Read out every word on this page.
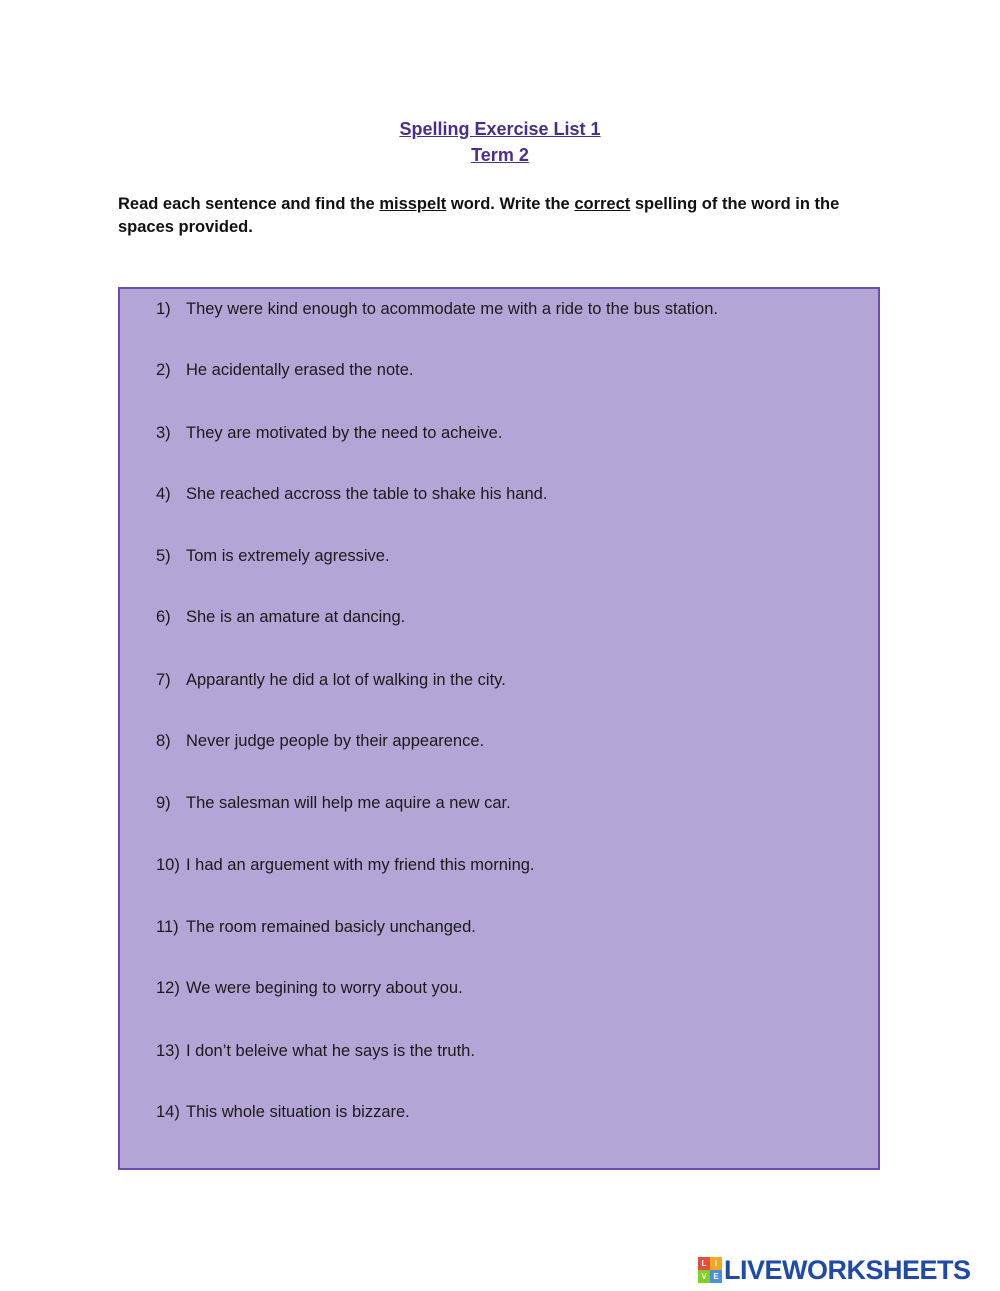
Spelling Exercise List 1
Term 2

Read each sentence and find the misspelt word. Write the correct spelling of the word in the spaces provided.

1) They were kind enough to acommodate me with a ride to the bus station.
2) He acidentally erased the note.
3) They are motivated by the need to acheive.
4) She reached accross the table to shake his hand.
5) Tom is extremely agressive.
6) She is an amature at dancing.
7) Apparantly he did a lot of walking in the city.
8) Never judge people by their appearence.
9) The salesman will help me aquire a new car.
10) I had an arguement with my friend this morning.
11) The room remained basicly unchanged.
12) We were begining to worry about you.
13) I don’t beleive what he says is the truth.
14) This whole situation is bizzare.
L	I
V E LIVEWORKSHEETS
